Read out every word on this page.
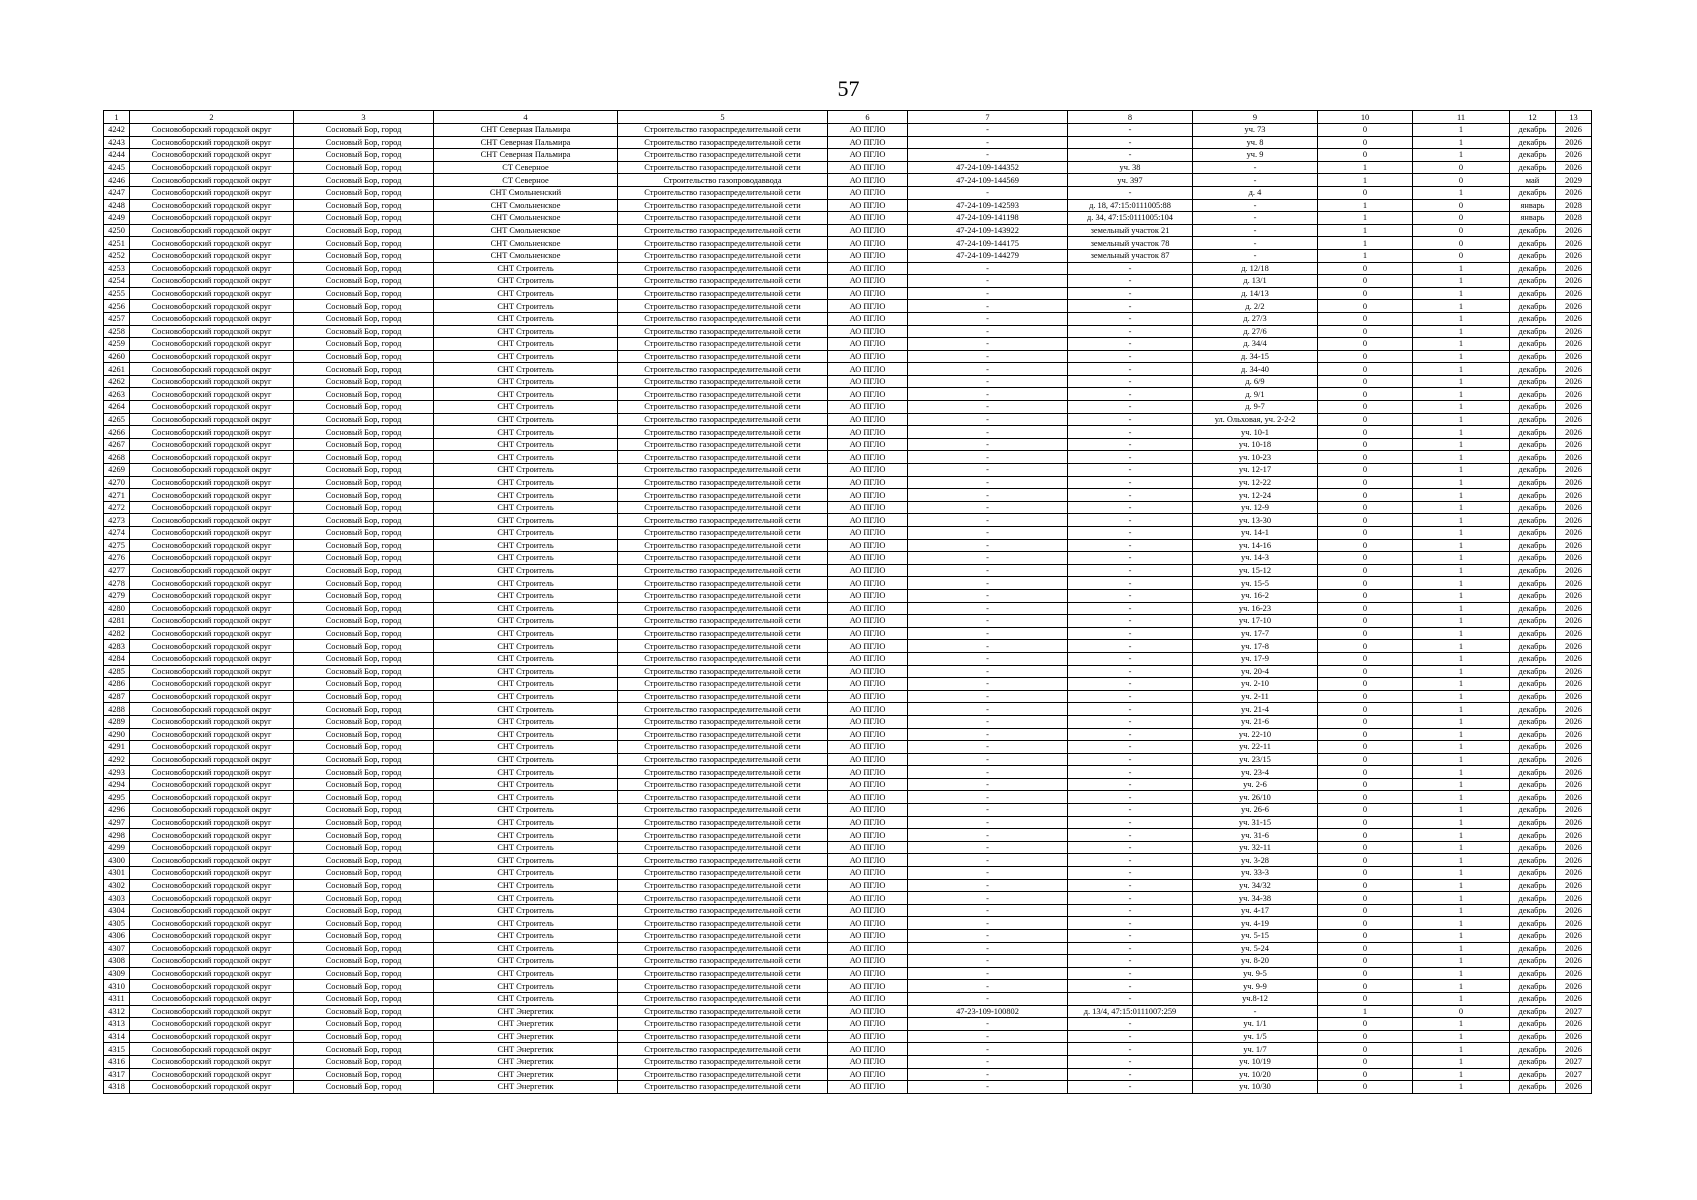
57
1	2	3	4	5	6	7	8	9	10	11	12	13
4242	Сосновоборский городской округ	Сосновый Бор, город	СНТ Северная Пальмира	Строительство газораспределительной сети	АО ПГЛО	-	-	уч. 73	0	1	декабрь	2026
4243	Сосновоборский городской округ	Сосновый Бор, город	СНТ Северная Пальмира	Строительство газораспределительной сети	АО ПГЛО	-	-	уч. 8	0	1	декабрь	2026
4244	Сосновоборский городской округ	Сосновый Бор, город	СНТ Северная Пальмира	Строительство газораспределительной сети	АО ПГЛО	-	-	уч. 9	0	1	декабрь	2026
4245	Сосновоборский городской округ	Сосновый Бор, город	СТ Северное	Строительство газораспределительной сети	АО ПГЛО	47-24-109-144352	уч. 38	-	1	0	декабрь	2026
4246	Сосновоборский городской округ	Сосновый Бор, город	СТ Северное	Строительство газопроводаввода	АО ПГЛО	47-24-109-144569	уч. 397	-	1	0	май	2029
4247	Сосновоборский городской округ	Сосновый Бор, город	СНТ Смольненский	Строительство газораспределительной сети	АО ПГЛО	-	-	д. 4	0	1	декабрь	2026
4248	Сосновоборский городской округ	Сосновый Бор, город	СНТ Смольненское	Строительство газораспределительной сети	АО ПГЛО	47-24-109-142593	д. 18, 47:15:0111005:88	-	1	0	январь	2028
4249	Сосновоборский городской округ	Сосновый Бор, город	СНТ Смольненское	Строительство газораспределительной сети	АО ПГЛО	47-24-109-141198	д. 34, 47:15:0111005:104	-	1	0	январь	2028
4250	Сосновоборский городской округ	Сосновый Бор, город	СНТ Смольненское	Строительство газораспределительной сети	АО ПГЛО	47-24-109-143922	земельный участок 21	-	1	0	декабрь	2026
4251	Сосновоборский городской округ	Сосновый Бор, город	СНТ Смольненское	Строительство газораспределительной сети	АО ПГЛО	47-24-109-144175	земельный участок 78	-	1	0	декабрь	2026
4252	Сосновоборский городской округ	Сосновый Бор, город	СНТ Смольненское	Строительство газораспределительной сети	АО ПГЛО	47-24-109-144279	земельный участок 87	-	1	0	декабрь	2026
4253	Сосновоборский городской округ	Сосновый Бор, город	СНТ Строитель	Строительство газораспределительной сети	АО ПГЛО	-	-	д. 12/18	0	1	декабрь	2026
4254	Сосновоборский городской округ	Сосновый Бор, город	СНТ Строитель	Строительство газораспределительной сети	АО ПГЛО	-	-	д. 13/1	0	1	декабрь	2026
4255	Сосновоборский городской округ	Сосновый Бор, город	СНТ Строитель	Строительство газораспределительной сети	АО ПГЛО	-	-	д. 14/13	0	1	декабрь	2026
4256	Сосновоборский городской округ	Сосновый Бор, город	СНТ Строитель	Строительство газораспределительной сети	АО ПГЛО	-	-	д. 2/2	0	1	декабрь	2026
4257	Сосновоборский городской округ	Сосновый Бор, город	СНТ Строитель	Строительство газораспределительной сети	АО ПГЛО	-	-	д. 27/3	0	1	декабрь	2026
4258	Сосновоборский городской округ	Сосновый Бор, город	СНТ Строитель	Строительство газораспределительной сети	АО ПГЛО	-	-	д. 27/6	0	1	декабрь	2026
4259	Сосновоборский городской округ	Сосновый Бор, город	СНТ Строитель	Строительство газораспределительной сети	АО ПГЛО	-	-	д. 34/4	0	1	декабрь	2026
4260	Сосновоборский городской округ	Сосновый Бор, город	СНТ Строитель	Строительство газораспределительной сети	АО ПГЛО	-	-	д. 34-15	0	1	декабрь	2026
4261	Сосновоборский городской округ	Сосновый Бор, город	СНТ Строитель	Строительство газораспределительной сети	АО ПГЛО	-	-	д. 34-40	0	1	декабрь	2026
4262	Сосновоборский городской округ	Сосновый Бор, город	СНТ Строитель	Строительство газораспределительной сети	АО ПГЛО	-	-	д. 6/9	0	1	декабрь	2026
4263	Сосновоборский городской округ	Сосновый Бор, город	СНТ Строитель	Строительство газораспределительной сети	АО ПГЛО	-	-	д. 9/1	0	1	декабрь	2026
4264	Сосновоборский городской округ	Сосновый Бор, город	СНТ Строитель	Строительство газораспределительной сети	АО ПГЛО	-	-	д. 9-7	0	1	декабрь	2026
4265	Сосновоборский городской округ	Сосновый Бор, город	СНТ Строитель	Строительство газораспределительной сети	АО ПГЛО	-	-	ул. Ольховая, уч. 2-2-2	0	1	декабрь	2026
4266	Сосновоборский городской округ	Сосновый Бор, город	СНТ Строитель	Строительство газораспределительной сети	АО ПГЛО	-	-	уч. 10-1	0	1	декабрь	2026
4267	Сосновоборский городской округ	Сосновый Бор, город	СНТ Строитель	Строительство газораспределительной сети	АО ПГЛО	-	-	уч. 10-18	0	1	декабрь	2026
4268	Сосновоборский городской округ	Сосновый Бор, город	СНТ Строитель	Строительство газораспределительной сети	АО ПГЛО	-	-	уч. 10-23	0	1	декабрь	2026
4269	Сосновоборский городской округ	Сосновый Бор, город	СНТ Строитель	Строительство газораспределительной сети	АО ПГЛО	-	-	уч. 12-17	0	1	декабрь	2026
4270	Сосновоборский городской округ	Сосновый Бор, город	СНТ Строитель	Строительство газораспределительной сети	АО ПГЛО	-	-	уч. 12-22	0	1	декабрь	2026
4271	Сосновоборский городской округ	Сосновый Бор, город	СНТ Строитель	Строительство газораспределительной сети	АО ПГЛО	-	-	уч. 12-24	0	1	декабрь	2026
4272	Сосновоборский городской округ	Сосновый Бор, город	СНТ Строитель	Строительство газораспределительной сети	АО ПГЛО	-	-	уч. 12-9	0	1	декабрь	2026
4273	Сосновоборский городской округ	Сосновый Бор, город	СНТ Строитель	Строительство газораспределительной сети	АО ПГЛО	-	-	уч. 13-30	0	1	декабрь	2026
4274	Сосновоборский городской округ	Сосновый Бор, город	СНТ Строитель	Строительство газораспределительной сети	АО ПГЛО	-	-	уч. 14-1	0	1	декабрь	2026
4275	Сосновоборский городской округ	Сосновый Бор, город	СНТ Строитель	Строительство газораспределительной сети	АО ПГЛО	-	-	уч. 14-16	0	1	декабрь	2026
4276	Сосновоборский городской округ	Сосновый Бор, город	СНТ Строитель	Строительство газораспределительной сети	АО ПГЛО	-	-	уч. 14-3	0	1	декабрь	2026
4277	Сосновоборский городской округ	Сосновый Бор, город	СНТ Строитель	Строительство газораспределительной сети	АО ПГЛО	-	-	уч. 15-12	0	1	декабрь	2026
4278	Сосновоборский городской округ	Сосновый Бор, город	СНТ Строитель	Строительство газораспределительной сети	АО ПГЛО	-	-	уч. 15-5	0	1	декабрь	2026
4279	Сосновоборский городской округ	Сосновый Бор, город	СНТ Строитель	Строительство газораспределительной сети	АО ПГЛО	-	-	уч. 16-2	0	1	декабрь	2026
4280	Сосновоборский городской округ	Сосновый Бор, город	СНТ Строитель	Строительство газораспределительной сети	АО ПГЛО	-	-	уч. 16-23	0	1	декабрь	2026
4281	Сосновоборский городской округ	Сосновый Бор, город	СНТ Строитель	Строительство газораспределительной сети	АО ПГЛО	-	-	уч. 17-10	0	1	декабрь	2026
4282	Сосновоборский городской округ	Сосновый Бор, город	СНТ Строитель	Строительство газораспределительной сети	АО ПГЛО	-	-	уч. 17-7	0	1	декабрь	2026
4283	Сосновоборский городской округ	Сосновый Бор, город	СНТ Строитель	Строительство газораспределительной сети	АО ПГЛО	-	-	уч. 17-8	0	1	декабрь	2026
4284	Сосновоборский городской округ	Сосновый Бор, город	СНТ Строитель	Строительство газораспределительной сети	АО ПГЛО	-	-	уч. 17-9	0	1	декабрь	2026
4285	Сосновоборский городской округ	Сосновый Бор, город	СНТ Строитель	Строительство газораспределительной сети	АО ПГЛО	-	-	уч. 20-4	0	1	декабрь	2026
4286	Сосновоборский городской округ	Сосновый Бор, город	СНТ Строитель	Строительство газораспределительной сети	АО ПГЛО	-	-	уч. 2-10	0	1	декабрь	2026
4287	Сосновоборский городской округ	Сосновый Бор, город	СНТ Строитель	Строительство газораспределительной сети	АО ПГЛО	-	-	уч. 2-11	0	1	декабрь	2026
4288	Сосновоборский городской округ	Сосновый Бор, город	СНТ Строитель	Строительство газораспределительной сети	АО ПГЛО	-	-	уч. 21-4	0	1	декабрь	2026
4289	Сосновоборский городской округ	Сосновый Бор, город	СНТ Строитель	Строительство газораспределительной сети	АО ПГЛО	-	-	уч. 21-6	0	1	декабрь	2026
4290	Сосновоборский городской округ	Сосновый Бор, город	СНТ Строитель	Строительство газораспределительной сети	АО ПГЛО	-	-	уч. 22-10	0	1	декабрь	2026
4291	Сосновоборский городской округ	Сосновый Бор, город	СНТ Строитель	Строительство газораспределительной сети	АО ПГЛО	-	-	уч. 22-11	0	1	декабрь	2026
4292	Сосновоборский городской округ	Сосновый Бор, город	СНТ Строитель	Строительство газораспределительной сети	АО ПГЛО	-	-	уч. 23/15	0	1	декабрь	2026
4293	Сосновоборский городской округ	Сосновый Бор, город	СНТ Строитель	Строительство газораспределительной сети	АО ПГЛО	-	-	уч. 23-4	0	1	декабрь	2026
4294	Сосновоборский городской округ	Сосновый Бор, город	СНТ Строитель	Строительство газораспределительной сети	АО ПГЛО	-	-	уч. 2-6	0	1	декабрь	2026
4295	Сосновоборский городской округ	Сосновый Бор, город	СНТ Строитель	Строительство газораспределительной сети	АО ПГЛО	-	-	уч. 26/10	0	1	декабрь	2026
4296	Сосновоборский городской округ	Сосновый Бор, город	СНТ Строитель	Строительство газораспределительной сети	АО ПГЛО	-	-	уч. 26-6	0	1	декабрь	2026
4297	Сосновоборский городской округ	Сосновый Бор, город	СНТ Строитель	Строительство газораспределительной сети	АО ПГЛО	-	-	уч. 31-15	0	1	декабрь	2026
4298	Сосновоборский городской округ	Сосновый Бор, город	СНТ Строитель	Строительство газораспределительной сети	АО ПГЛО	-	-	уч. 31-6	0	1	декабрь	2026
4299	Сосновоборский городской округ	Сосновый Бор, город	СНТ Строитель	Строительство газораспределительной сети	АО ПГЛО	-	-	уч. 32-11	0	1	декабрь	2026
4300	Сосновоборский городской округ	Сосновый Бор, город	СНТ Строитель	Строительство газораспределительной сети	АО ПГЛО	-	-	уч. 3-28	0	1	декабрь	2026
4301	Сосновоборский городской округ	Сосновый Бор, город	СНТ Строитель	Строительство газораспределительной сети	АО ПГЛО	-	-	уч. 33-3	0	1	декабрь	2026
4302	Сосновоборский городской округ	Сосновый Бор, город	СНТ Строитель	Строительство газораспределительной сети	АО ПГЛО	-	-	уч. 34/32	0	1	декабрь	2026
4303	Сосновоборский городской округ	Сосновый Бор, город	СНТ Строитель	Строительство газораспределительной сети	АО ПГЛО	-	-	уч. 34-38	0	1	декабрь	2026
4304	Сосновоборский городской округ	Сосновый Бор, город	СНТ Строитель	Строительство газораспределительной сети	АО ПГЛО	-	-	уч. 4-17	0	1	декабрь	2026
4305	Сосновоборский городской округ	Сосновый Бор, город	СНТ Строитель	Строительство газораспределительной сети	АО ПГЛО	-	-	уч. 4-19	0	1	декабрь	2026
4306	Сосновоборский городской округ	Сосновый Бор, город	СНТ Строитель	Строительство газораспределительной сети	АО ПГЛО	-	-	уч. 5-15	0	1	декабрь	2026
4307	Сосновоборский городской округ	Сосновый Бор, город	СНТ Строитель	Строительство газораспределительной сети	АО ПГЛО	-	-	уч. 5-24	0	1	декабрь	2026
4308	Сосновоборский городской округ	Сосновый Бор, город	СНТ Строитель	Строительство газораспределительной сети	АО ПГЛО	-	-	уч. 8-20	0	1	декабрь	2026
4309	Сосновоборский городской округ	Сосновый Бор, город	СНТ Строитель	Строительство газораспределительной сети	АО ПГЛО	-	-	уч. 9-5	0	1	декабрь	2026
4310	Сосновоборский городской округ	Сосновый Бор, город	СНТ Строитель	Строительство газораспределительной сети	АО ПГЛО	-	-	уч. 9-9	0	1	декабрь	2026
4311	Сосновоборский городской округ	Сосновый Бор, город	СНТ Строитель	Строительство газораспределительной сети	АО ПГЛО	-	-	уч.8-12	0	1	декабрь	2026
4312	Сосновоборский городской округ	Сосновый Бор, город	СНТ Энергетик	Строительство газораспределительной сети	АО ПГЛО	47-23-109-100802	д. 13/4, 47:15:0111007:259	-	1	0	декабрь	2027
4313	Сосновоборский городской округ	Сосновый Бор, город	СНТ Энергетик	Строительство газораспределительной сети	АО ПГЛО	-	-	уч. 1/1	0	1	декабрь	2026
4314	Сосновоборский городской округ	Сосновый Бор, город	СНТ Энергетик	Строительство газораспределительной сети	АО ПГЛО	-	-	уч. 1/5	0	1	декабрь	2026
4315	Сосновоборский городской округ	Сосновый Бор, город	СНТ Энергетик	Строительство газораспределительной сети	АО ПГЛО	-	-	уч. 1/7	0	1	декабрь	2026
4316	Сосновоборский городской округ	Сосновый Бор, город	СНТ Энергетик	Строительство газораспределительной сети	АО ПГЛО	-	-	уч. 10/19	0	1	декабрь	2027
4317	Сосновоборский городской округ	Сосновый Бор, город	СНТ Энергетик	Строительство газораспределительной сети	АО ПГЛО	-	-	уч. 10/20	0	1	декабрь	2027
4318	Сосновоборский городской округ	Сосновый Бор, город	СНТ Энергетик	Строительство газораспределительной сети	АО ПГЛО	-	-	уч. 10/30	0	1	декабрь	2026
